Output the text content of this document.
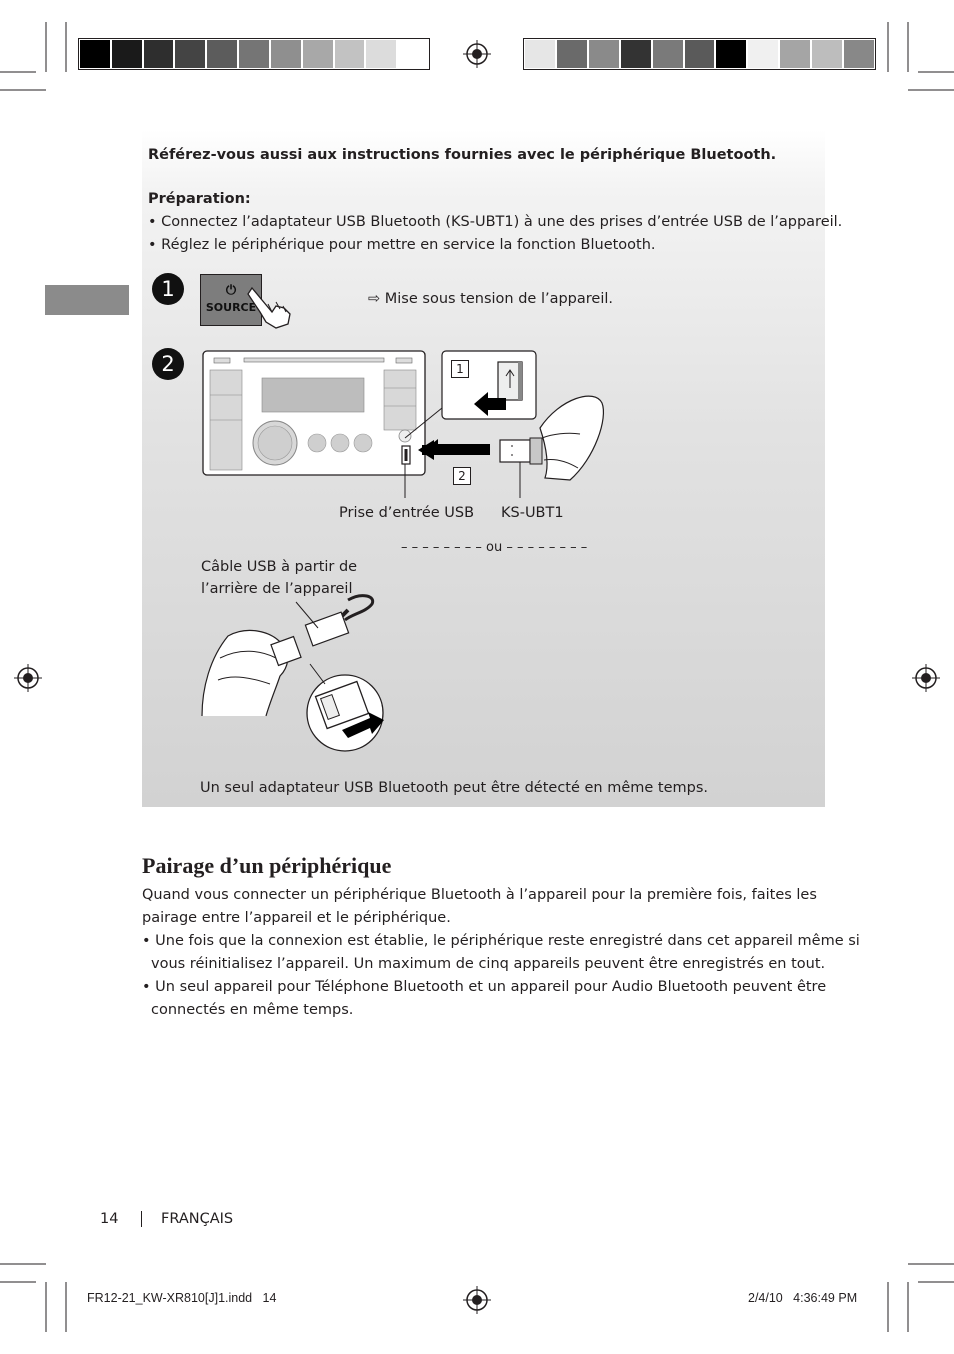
Référez-vous aussi aux instructions fournies avec le périphérique Bluetooth.
Préparation:
• Connectez l’adaptateur USB Bluetooth (KS-UBT1) à une des prises d’entrée USB de l’appareil.
• Réglez le périphérique pour mettre en service la fonction Bluetooth.
1	⏻
SOURCE
⇨ Mise sous tension de l’appareil.
2	1
2
Prise d’entrée USB KS-UBT1
– – – – – – – – ou – – – – – – – –
Câble USB à partir de
l’arrière de l’appareil
Un seul adaptateur USB Bluetooth peut être détecté en même temps.
Pairage d’un périphérique
Quand vous connecter un périphérique Bluetooth à l’appareil pour la première fois, faites les
pairage entre l’appareil et le périphérique.
• Une fois que la connexion est établie, le périphérique reste enregistré dans cet appareil même si
vous réinitialisez l’appareil. Un maximum de cinq appareils peuvent être enregistrés en tout.
• Un seul appareil pour Téléphone Bluetooth et un appareil pour Audio Bluetooth peuvent être
connectés en même temps.
14	FRANÇAIS
FR12-21_KW-XR810[J]1.indd   14	2/4/10   4:36:49 PM
